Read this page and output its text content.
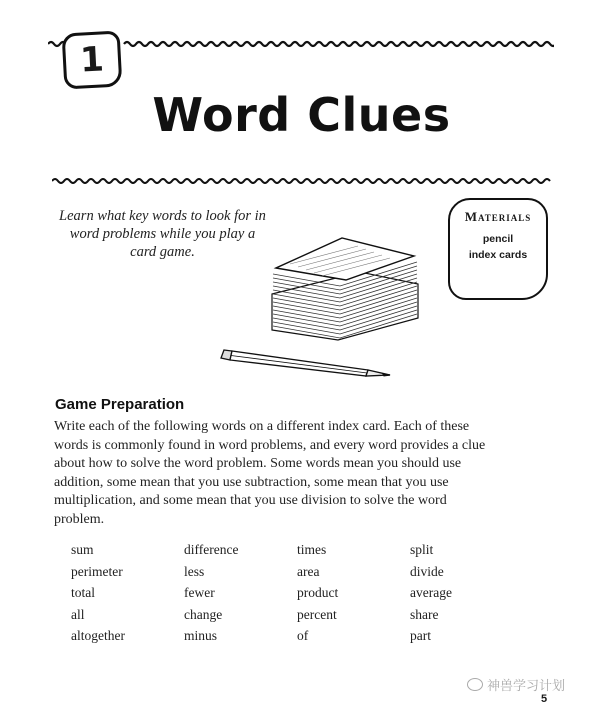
1
Word Clues
Learn what key words to look for in word problems while you play a card game.
Materials
pencil
index cards
Game Preparation
Write each of the following words on a different index card. Each of these words is commonly found in word problems, and every word provides a clue about how to solve the word problem. Some words mean you should use addition, some mean that you use subtraction, some mean that you use multiplication, and some mean that you use division to solve the word problem.
sum	difference	times	split
perimeter	less	area	divide
total	fewer	product	average
all	change	percent	share
altogether	minus	of	part
神兽学习计划
5
